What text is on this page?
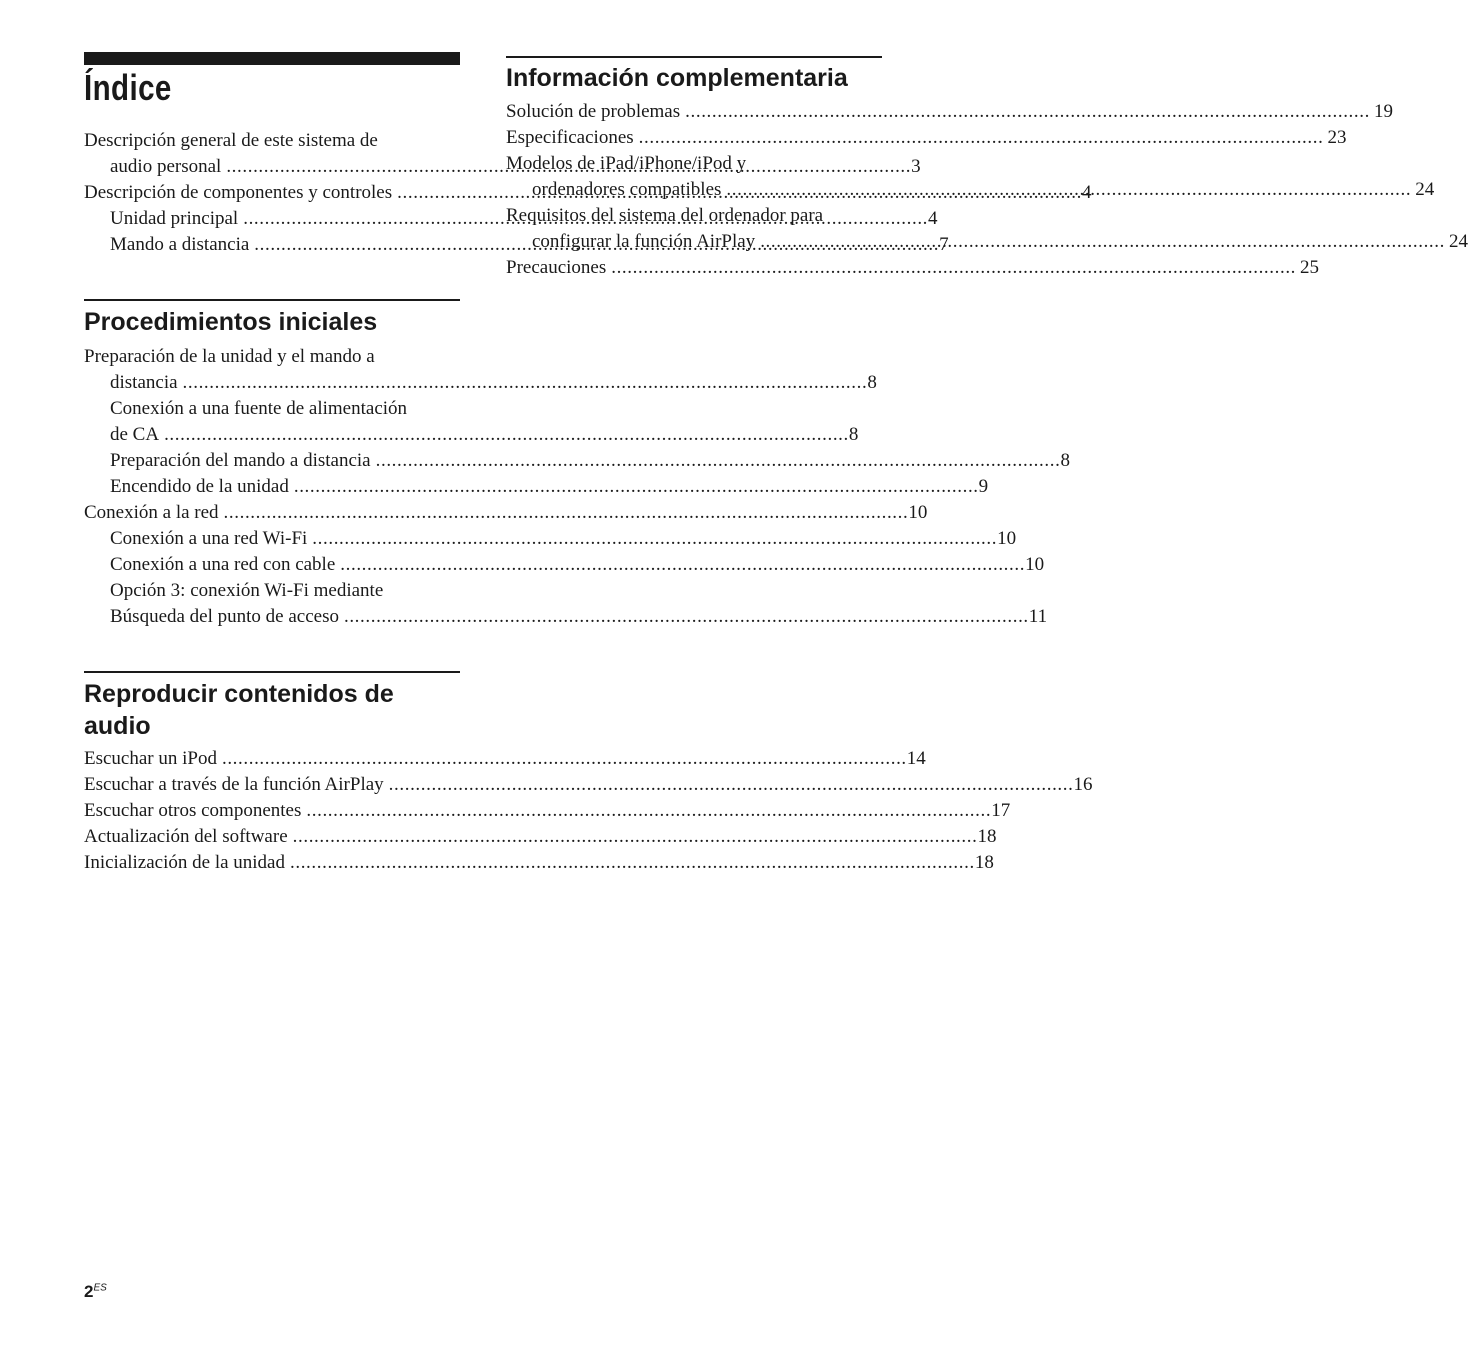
Índice
Descripción general de este sistema de
audio personal .....	3
Descripción de componentes y controles .....	4
Unidad principal .....	4
Mando a distancia .....	7
Procedimientos iniciales
Preparación de la unidad y el mando a
distancia .....	8
Conexión a una fuente de alimentación
de CA .....	8
Preparación del mando a distancia .....	8
Encendido de la unidad .....	9
Conexión a la red .....	10
Conexión a una red Wi-Fi .....	10
Conexión a una red con cable .....	10
Opción 3: conexión Wi-Fi mediante
Búsqueda del punto de acceso .....	11
Reproducir contenidos de audio
Escuchar un iPod .....	14
Escuchar a través de la función AirPlay .....	16
Escuchar otros componentes .....	17
Actualización del software .....	18
Inicialización de la unidad .....	18
Información complementaria
Solución de problemas .....	19
Especificaciones .....	23
Modelos de iPad/iPhone/iPod y
ordenadores compatibles .....	24
Requisitos del sistema del ordenador para
configurar la función AirPlay .....	24
Precauciones .....	25
$2^{ES}$
